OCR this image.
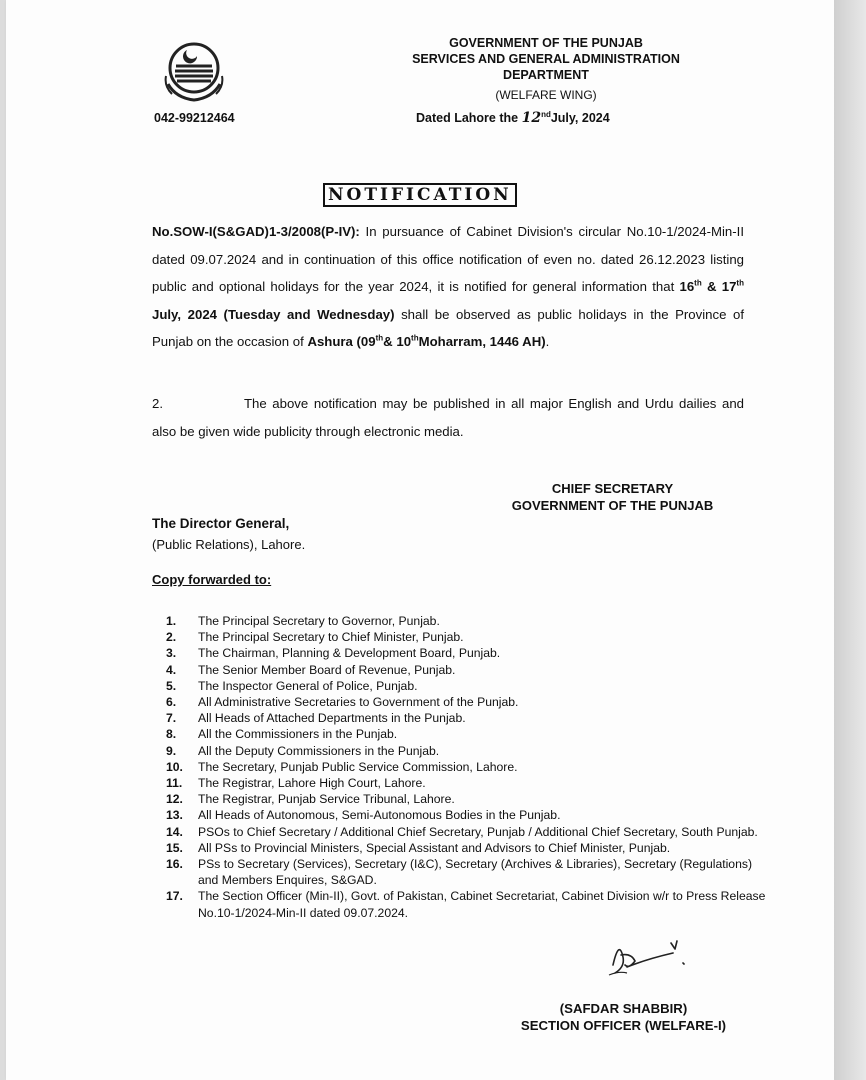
GOVERNMENT OF THE PUNJAB
SERVICES AND GENERAL ADMINISTRATION
DEPARTMENT
(WELFARE WING)
042-99212464	Dated Lahore the 12ndJuly, 2024
NOTIFICATION
No.SOW-I(S&GAD)1-3/2008(P-IV): In pursuance of Cabinet Division's circular No.10-1/2024-Min-II dated 09.07.2024 and in continuation of this office notification of even no. dated 26.12.2023 listing public and optional holidays for the year 2024, it is notified for general information that 16th & 17th July, 2024 (Tuesday and Wednesday) shall be observed as public holidays in the Province of Punjab on the occasion of Ashura (09th& 10thMoharram, 1446 AH).
2.	The above notification may be published in all major English and Urdu dailies and also be given wide publicity through electronic media.
CHIEF SECRETARY
GOVERNMENT OF THE PUNJAB
The Director General,
(Public Relations), Lahore.
Copy forwarded to:
1.	The Principal Secretary to Governor, Punjab.
2.	The Principal Secretary to Chief Minister, Punjab.
3.	The Chairman, Planning & Development Board, Punjab.
4.	The Senior Member Board of Revenue, Punjab.
5.	The Inspector General of Police, Punjab.
6.	All Administrative Secretaries to Government of the Punjab.
7.	All Heads of Attached Departments in the Punjab.
8.	All the Commissioners in the Punjab.
9.	All the Deputy Commissioners in the Punjab.
10.	The Secretary, Punjab Public Service Commission, Lahore.
11.	The Registrar, Lahore High Court, Lahore.
12.	The Registrar, Punjab Service Tribunal, Lahore.
13.	All Heads of Autonomous, Semi-Autonomous Bodies in the Punjab.
14.	PSOs to Chief Secretary / Additional Chief Secretary, Punjab / Additional Chief Secretary, South Punjab.
15.	All PSs to Provincial Ministers, Special Assistant and Advisors to Chief Minister, Punjab.
16.	PSs to Secretary (Services), Secretary (I&C), Secretary (Archives & Libraries), Secretary (Regulations) and Members Enquires, S&GAD.
17.	The Section Officer (Min-II), Govt. of Pakistan, Cabinet Secretariat, Cabinet Division w/r to Press Release No.10-1/2024-Min-II dated 09.07.2024.
(SAFDAR SHABBIR)
SECTION OFFICER (WELFARE-I)
